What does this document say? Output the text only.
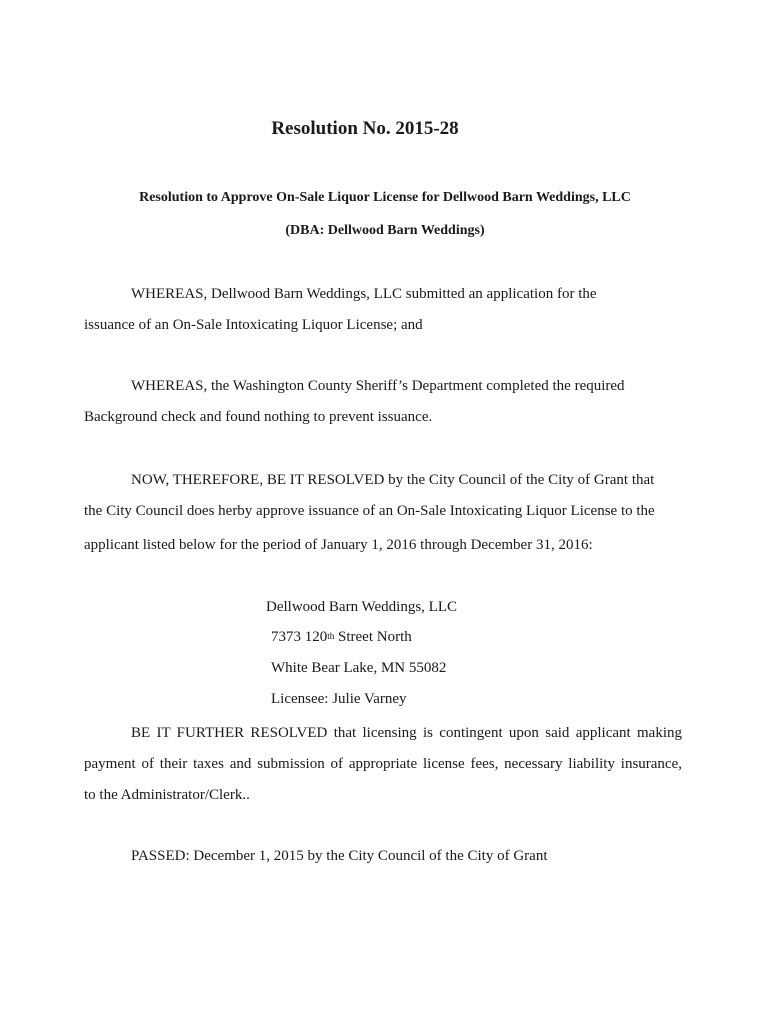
Resolution No. 2015-28
Resolution to Approve On-Sale Liquor License for Dellwood Barn Weddings, LLC
(DBA: Dellwood Barn Weddings)
WHEREAS, Dellwood Barn Weddings, LLC submitted an application for the
issuance of an On-Sale Intoxicating Liquor License; and
WHEREAS, the Washington County Sheriff’s Department completed the required
Background check and found nothing to prevent issuance.
NOW, THEREFORE, BE IT RESOLVED by the City Council of the City of Grant that
the City Council does herby approve issuance of an On-Sale Intoxicating Liquor License to the
applicant listed below for the period of January 1, 2016 through December 31, 2016:
Dellwood Barn Weddings, LLC
7373 120th Street North
White Bear Lake, MN 55082
Licensee: Julie Varney
BE IT FURTHER RESOLVED that licensing is contingent upon said applicant making
payment of their taxes and submission of appropriate license fees, necessary liability insurance,
to the Administrator/Clerk..
PASSED: December 1, 2015 by the City Council of the City of Grant
